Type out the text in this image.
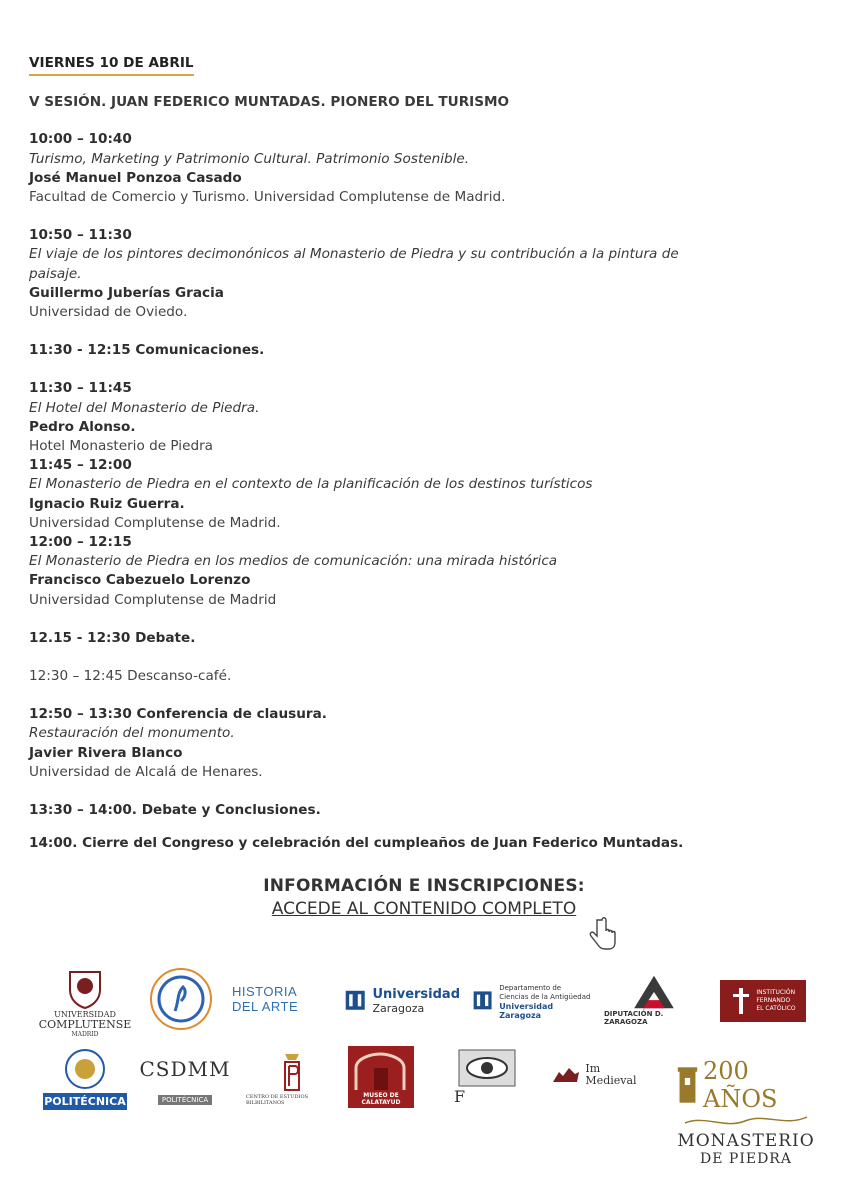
VIERNES 10 DE ABRIL
V SESIÓN. JUAN FEDERICO MUNTADAS. PIONERO DEL TURISMO
10:00 – 10:40
Turismo, Marketing y Patrimonio Cultural. Patrimonio Sostenible.
José Manuel Ponzoa Casado
Facultad de Comercio y Turismo. Universidad Complutense de Madrid.
10:50 – 11:30
El viaje de los pintores decimonónicos al Monasterio de Piedra y su contribución a la pintura de
paisaje.
Guillermo Juberías Gracia
Universidad de Oviedo.
11:30 - 12:15 Comunicaciones.
11:30 – 11:45
El Hotel del Monasterio de Piedra.
Pedro Alonso.
Hotel Monasterio de Piedra
11:45 – 12:00
El Monasterio de Piedra en el contexto de la planificación de los destinos turísticos
Ignacio Ruiz Guerra.
Universidad Complutense de Madrid.
12:00 – 12:15
El Monasterio de Piedra en los medios de comunicación: una mirada histórica
Francisco Cabezuelo Lorenzo
Universidad Complutense de Madrid
12.15 - 12:30 Debate.
12:30 – 12:45 Descanso-café.
12:50 – 13:30 Conferencia de clausura.
Restauración del monumento.
Javier Rivera Blanco
Universidad de Alcalá de Henares.
13:30 – 14:00. Debate y Conclusiones.
14:00. Cierre del Congreso y celebración del cumpleaños de Juan Federico Muntadas.
INFORMACIÓN E INSCRIPCIONES:
ACCEDE AL CONTENIDO COMPLETO
UNIVERSIDAD
COMPLUTENSE
MADRID
HISTORIA DEL ARTE
Universidad
Zaragoza
Departamento de
Ciencias de la Antigüedad
Universidad Zaragoza	DIPUTACIÓN D. ZARAGOZA
INSTITUCIÓN
FERNANDO
EL CATÓLICO
POLITÉCNICA
CSDMM
POLITÉCNICA	CENTRO DE ESTUDIOS BILBILITANOS
MUSEO DE CALATAYUD	F
Im
Medieval	200 AÑOS
MONASTERIO
DE PIEDRA
